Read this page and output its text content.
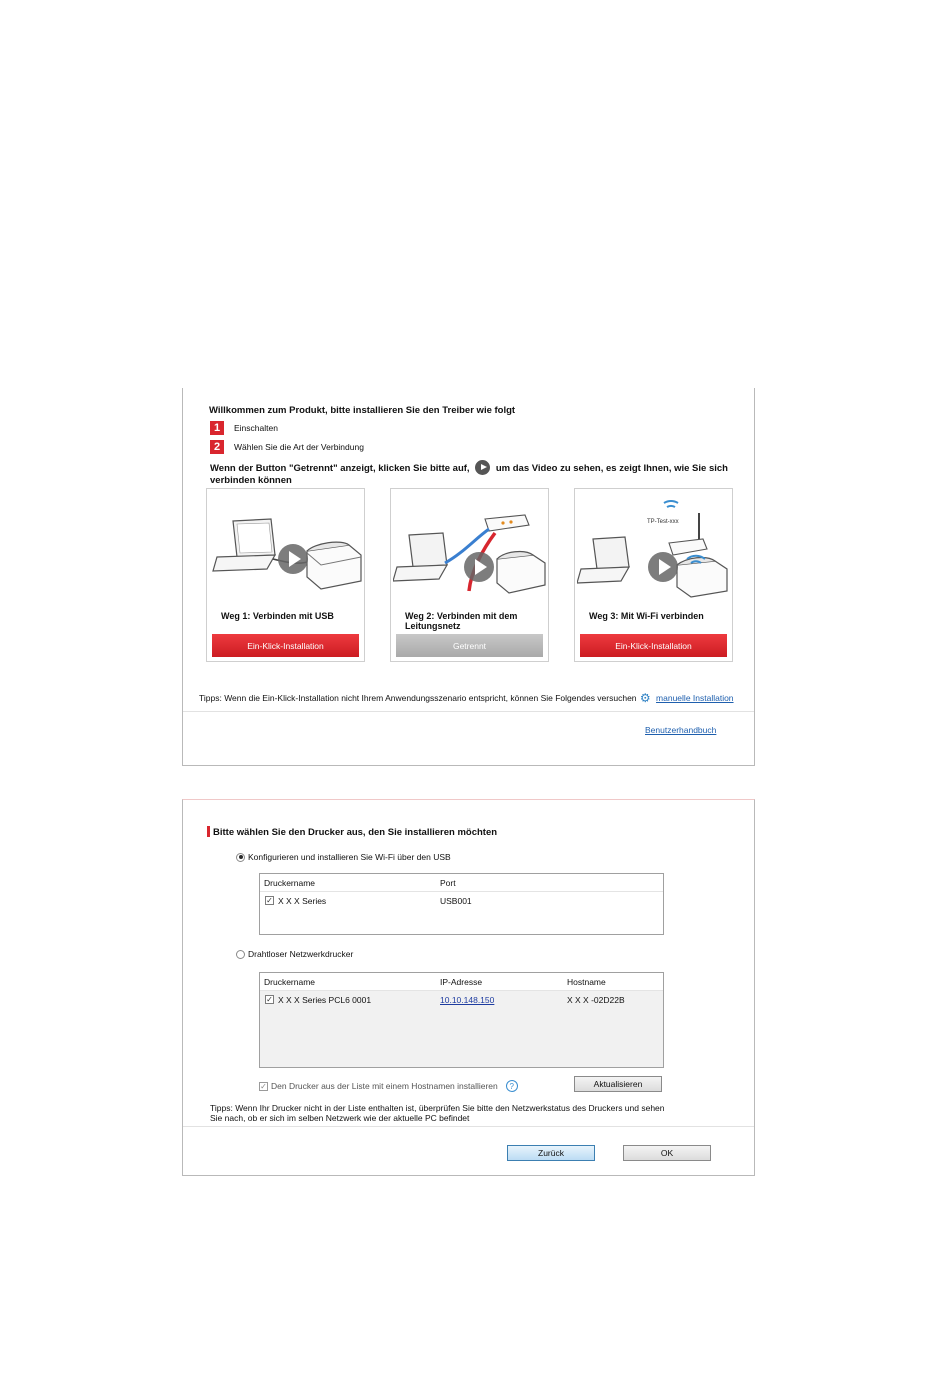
Willkommen zum Produkt, bitte installieren Sie den Treiber wie folgt
1	Einschalten
2	Wählen Sie die Art der Verbindung
Wenn der Button "Getrennt" anzeigt, klicken Sie bitte auf,	um das Video zu sehen, es zeigt Ihnen, wie Sie sich verbinden können
Weg 1: Verbinden mit USB
Ein-Klick-Installation
Weg 2: Verbinden mit dem Leitungsnetz
Getrennt
TP-Test-xxx
Weg 3: Mit Wi-Fi verbinden
Ein-Klick-Installation
Tipps: Wenn die Ein-Klick-Installation nicht Ihrem Anwendungsszenario entspricht, können Sie Folgendes versuchen ⚙ manuelle Installation
Benutzerhandbuch
Bitte wählen Sie den Drucker aus, den Sie installieren möchten
Konfigurieren und installieren Sie Wi-Fi über den USB
Druckername	Port
✓ X X X Series	USB001
Drahtloser Netzwerkdrucker
Druckername	IP-Adresse	Hostname
✓ X X X Series PCL6 0001	10.10.148.150	X X X -02D22B
✓ Den Drucker aus der Liste mit einem Hostnamen installieren	?	Aktualisieren
Tipps: Wenn Ihr Drucker nicht in der Liste enthalten ist, überprüfen Sie bitte den Netzwerkstatus des Druckers und sehen Sie nach, ob er sich im selben Netzwerk wie der aktuelle PC befindet
Zurück	OK
